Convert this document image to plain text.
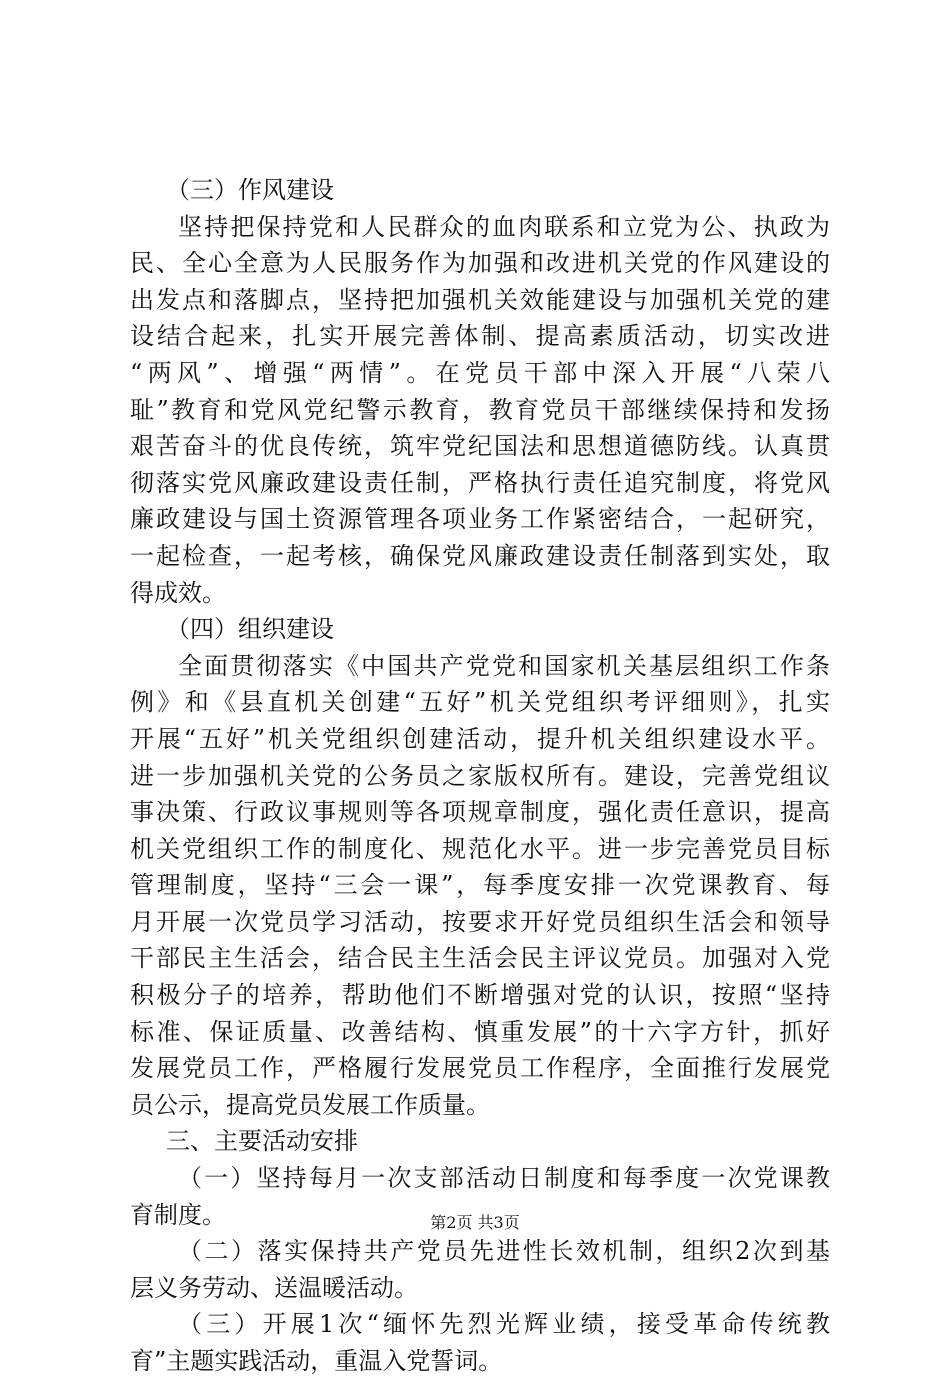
（三）作风建设
坚持把保持党和人民群众的血肉联系和立党为公、执政为
民、全心全意为人民服务作为加强和改进机关党的作风建设的
出发点和落脚点，坚持把加强机关效能建设与加强机关党的建
设结合起来，扎实开展完善体制、提高素质活动，切实改进
“两风”、增强“两情”。在党员干部中深入开展“八荣八
耻”教育和党风党纪警示教育，教育党员干部继续保持和发扬
艰苦奋斗的优良传统，筑牢党纪国法和思想道德防线。认真贯
彻落实党风廉政建设责任制，严格执行责任追究制度，将党风
廉政建设与国土资源管理各项业务工作紧密结合，一起研究，
一起检查，一起考核，确保党风廉政建设责任制落到实处，取
得成效。
（四）组织建设
全面贯彻落实《中国共产党党和国家机关基层组织工作条
例》和《县直机关创建“五好”机关党组织考评细则》，扎实
开展“五好”机关党组织创建活动，提升机关组织建设水平。
进一步加强机关党的公务员之家版权所有。建设，完善党组议
事决策、行政议事规则等各项规章制度，强化责任意识，提高
机关党组织工作的制度化、规范化水平。进一步完善党员目标
管理制度，坚持“三会一课”，每季度安排一次党课教育、每
月开展一次党员学习活动，按要求开好党员组织生活会和领导
干部民主生活会，结合民主生活会民主评议党员。加强对入党
积极分子的培养，帮助他们不断增强对党的认识，按照“坚持
标准、保证质量、改善结构、慎重发展”的十六字方针，抓好
发展党员工作，严格履行发展党员工作程序，全面推行发展党
员公示，提高党员发展工作质量。
三、主要活动安排
（一）坚持每月一次支部活动日制度和每季度一次党课教
育制度。
（二）落实保持共产党员先进性长效机制，组织2次到基
层义务劳动、送温暖活动。
（三）开展1次“缅怀先烈光辉业绩，接受革命传统教
育”主题实践活动，重温入党誓词。
第2页 共3页
